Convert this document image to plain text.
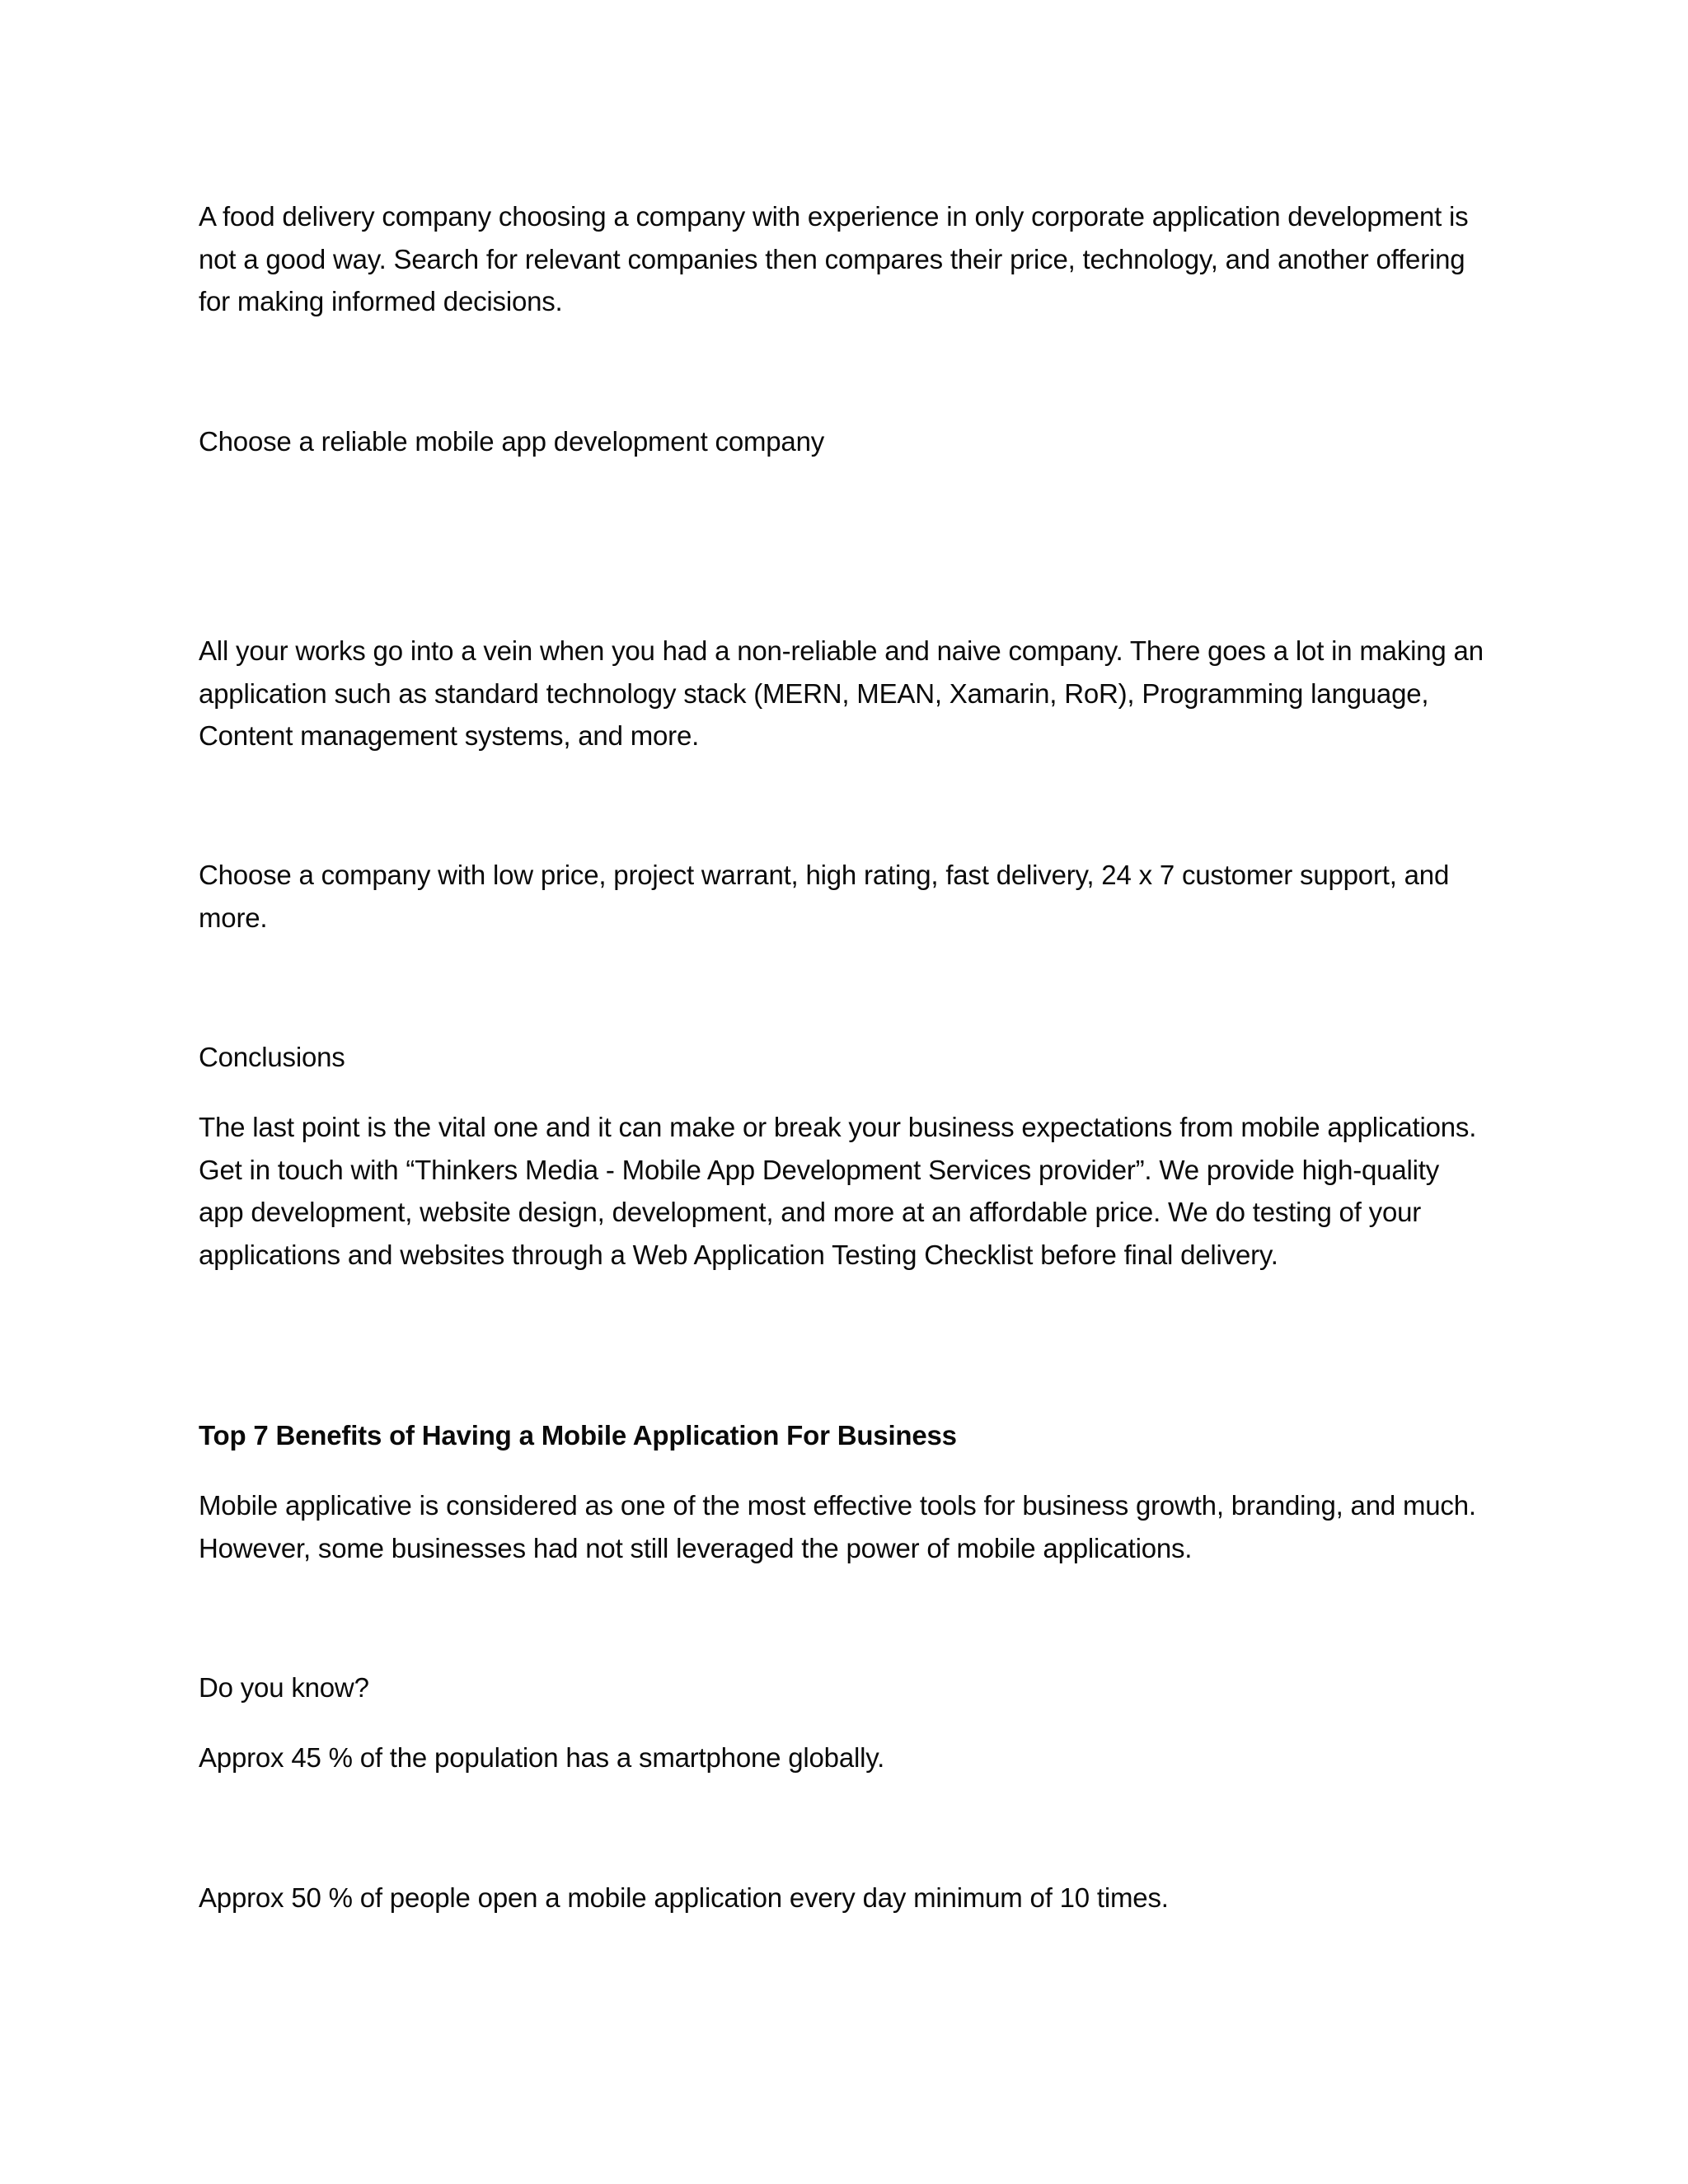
A food delivery company choosing a company with experience in only corporate application development is not a good way. Search for relevant companies then compares their price, technology, and another offering for making informed decisions.

Choose a reliable mobile app development company

All your works go into a vein when you had a non-reliable and naive company. There goes a lot in making an application such as standard technology stack (MERN, MEAN, Xamarin, RoR), Programming language, Content management systems, and more.

Choose a company with low price, project warrant, high rating, fast delivery, 24 x 7 customer support, and more.

Conclusions

The last point is the vital one and it can make or break your business expectations from mobile applications. Get in touch with “Thinkers Media - Mobile App Development Services provider”. We provide high-quality app development, website design, development, and more at an affordable price. We do testing of your applications and websites through a Web Application Testing Checklist before final delivery.

Top 7 Benefits of Having a Mobile Application For Business

Mobile applicative is considered as one of the most effective tools for business growth, branding, and much. However, some businesses had not still leveraged the power of mobile applications.

Do you know?

Approx 45 % of the population has a smartphone globally.

Approx 50 % of people open a mobile application every day minimum of 10 times.
